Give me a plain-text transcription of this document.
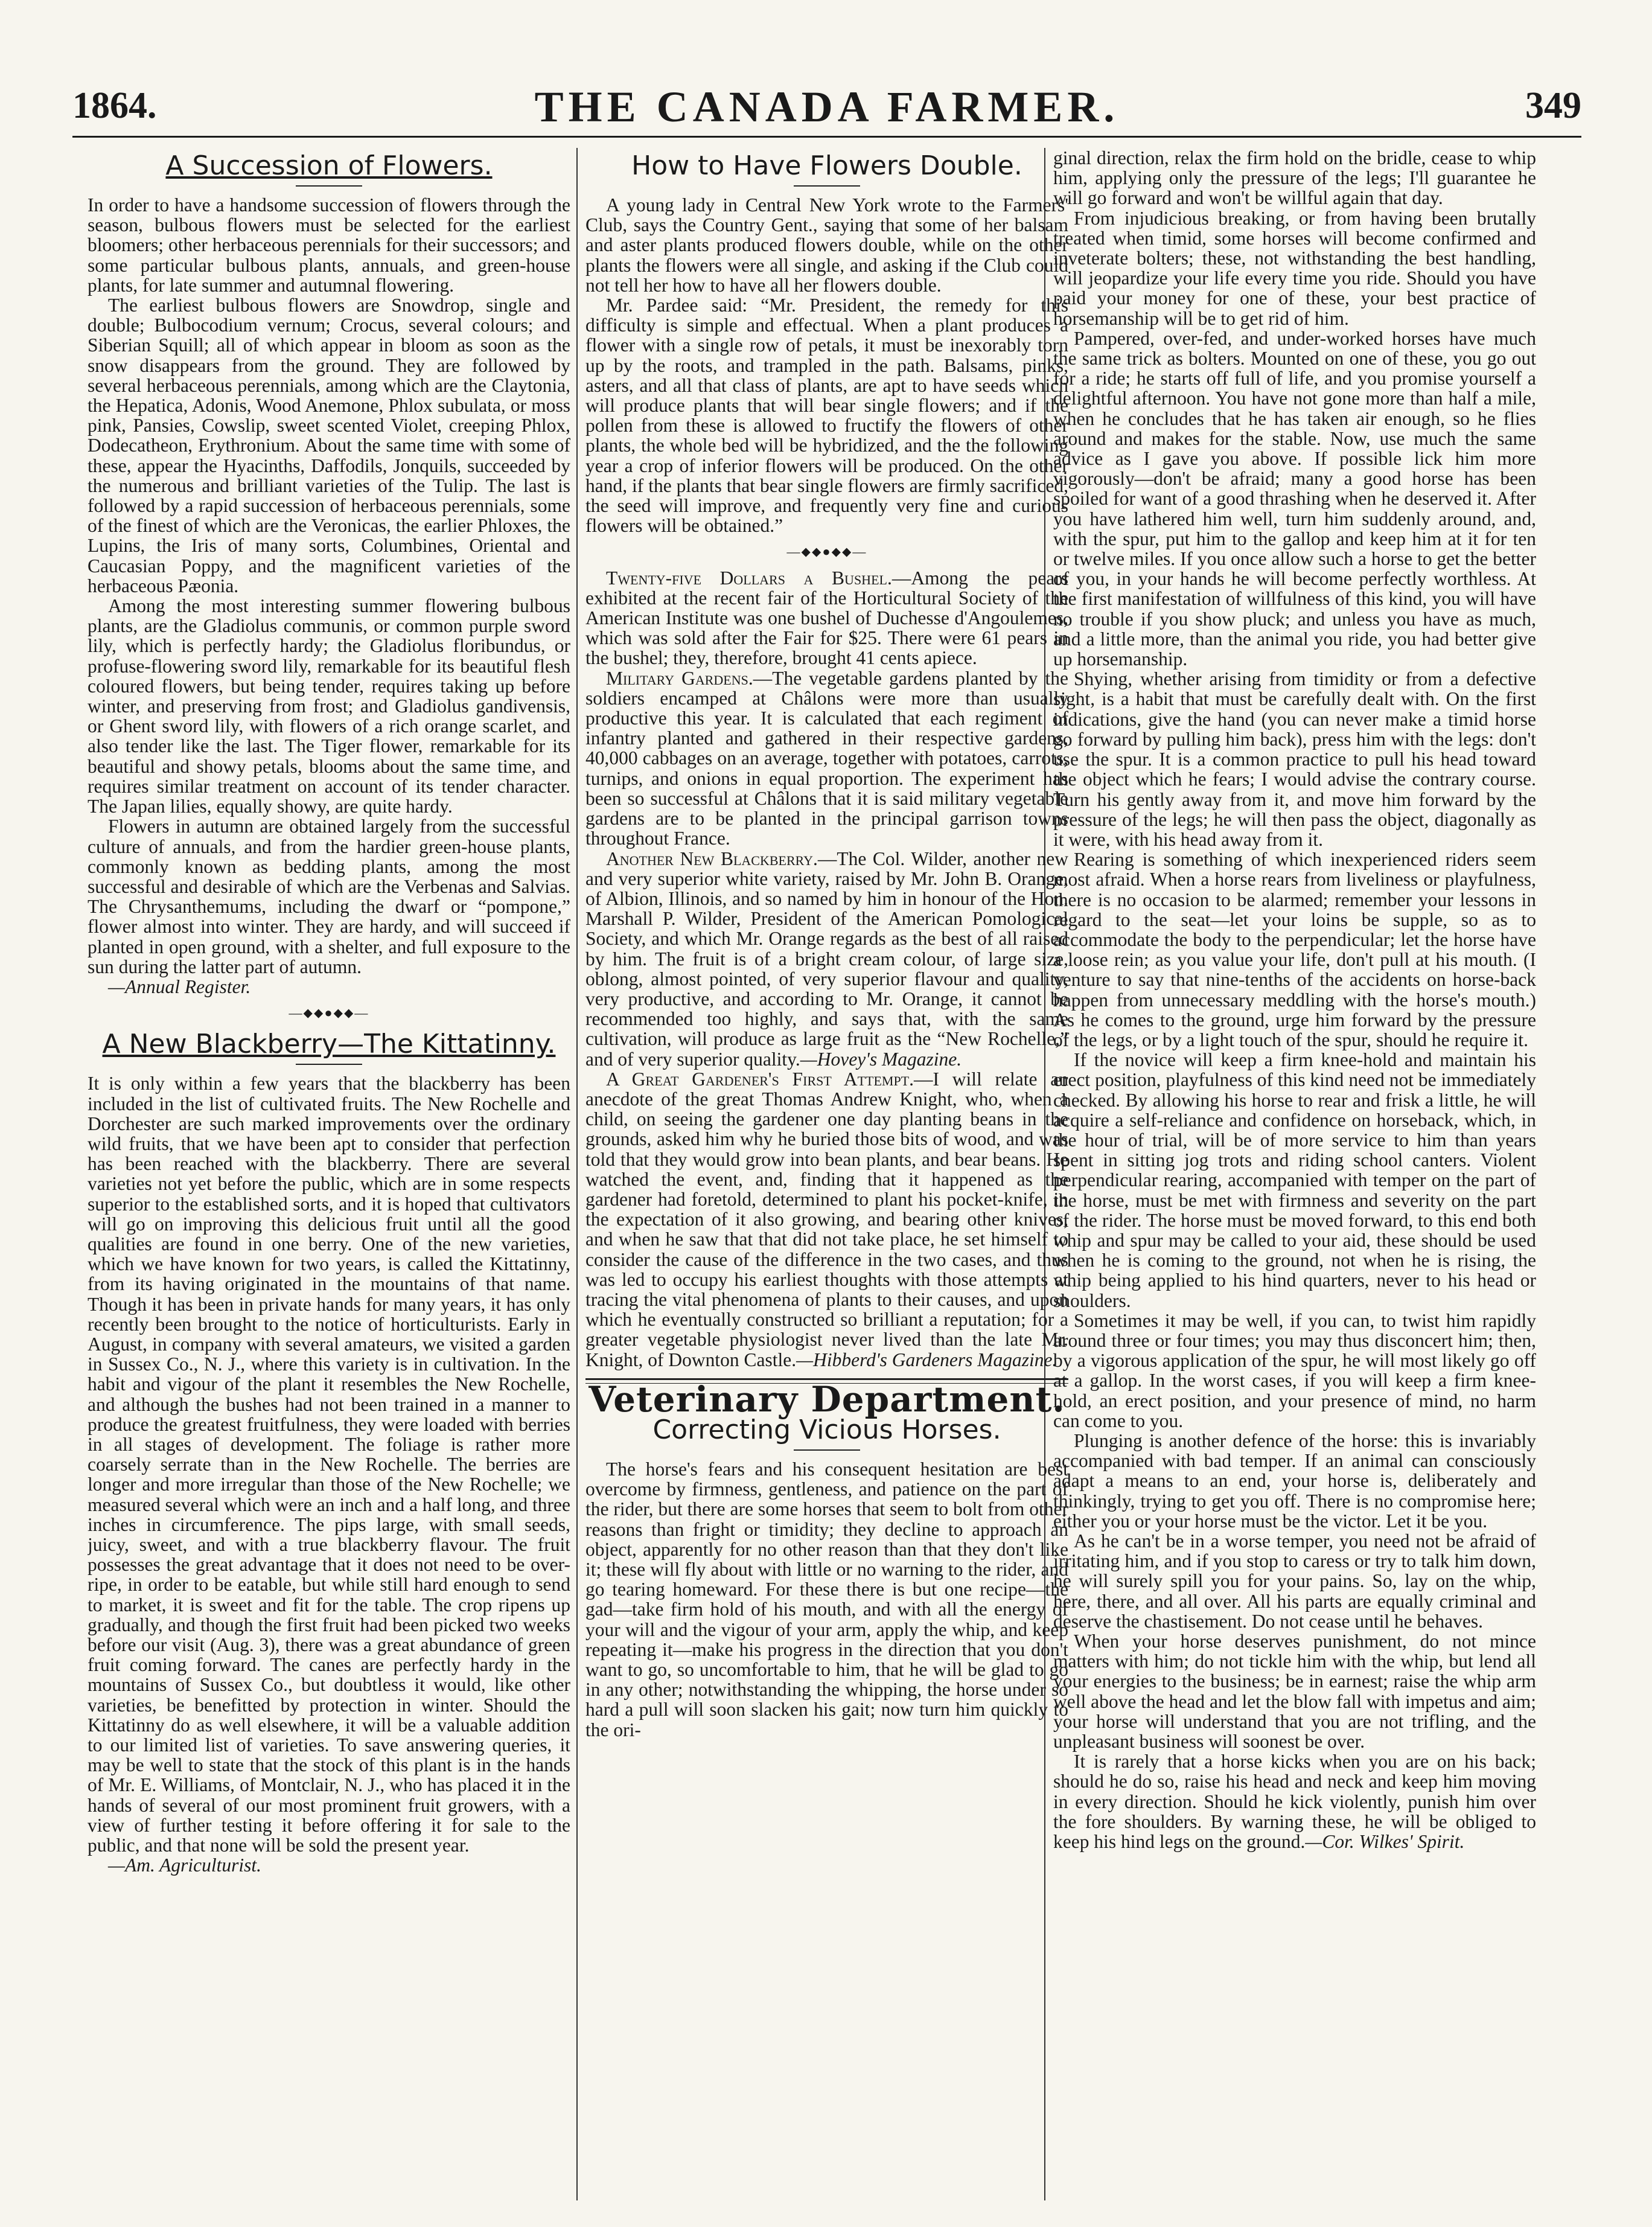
1864.	THE CANADA FARMER.	349
A Succession of Flowers.

In order to have a handsome succession of flowers through the season, bulbous flowers must be selected for the earliest bloomers; other herbaceous perennials for their successors; and some particular bulbous plants, annuals, and green-house plants, for late summer and autumnal flowering.

The earliest bulbous flowers are Snowdrop, single and double; Bulbocodium vernum; Crocus, several colours; and Siberian Squill; all of which appear in bloom as soon as the snow disappears from the ground. They are followed by several herbaceous perennials, among which are the Claytonia, the Hepatica, Adonis, Wood Anemone, Phlox subulata, or moss pink, Pansies, Cowslip, sweet scented Violet, creeping Phlox, Dodecatheon, Erythronium. About the same time with some of these, appear the Hyacinths, Daffodils, Jonquils, succeeded by the numerous and brilliant varieties of the Tulip. The last is followed by a rapid succession of herbaceous perennials, some of the finest of which are the Veronicas, the earlier Phloxes, the Lupins, the Iris of many sorts, Columbines, Oriental and Caucasian Poppy, and the magnificent varieties of the herbaceous Pæonia.

Among the most interesting summer flowering bulbous plants, are the Gladiolus communis, or common purple sword lily, which is perfectly hardy; the Gladiolus floribundus, or profuse-flowering sword lily, remarkable for its beautiful flesh coloured flowers, but being tender, requires taking up before winter, and preserving from frost; and Gladiolus gandivensis, or Ghent sword lily, with flowers of a rich orange scarlet, and also tender like the last. The Tiger flower, remarkable for its beautiful and showy petals, blooms about the same time, and requires similar treatment on account of its tender character. The Japan lilies, equally showy, are quite hardy.

Flowers in autumn are obtained largely from the successful culture of annuals, and from the hardier green-house plants, commonly known as bedding plants, among the most successful and desirable of which are the Verbenas and Salvias. The Chrysanthemums, including the dwarf or “pompone,” flower almost into winter. They are hardy, and will succeed if planted in open ground, with a shelter, and full exposure to the sun during the latter part of autumn.

—Annual Register.

—⬥⬥●⬥⬥—
A New Blackberry—The Kittatinny.

It is only within a few years that the blackberry has been included in the list of cultivated fruits. The New Rochelle and Dorchester are such marked improvements over the ordinary wild fruits, that we have been apt to consider that perfection has been reached with the blackberry. There are several varieties not yet before the public, which are in some respects superior to the established sorts, and it is hoped that cultivators will go on improving this delicious fruit until all the good qualities are found in one berry. One of the new varieties, which we have known for two years, is called the Kittatinny, from its having originated in the mountains of that name. Though it has been in private hands for many years, it has only recently been brought to the notice of horticulturists. Early in August, in company with several amateurs, we visited a garden in Sussex Co., N. J., where this variety is in cultivation. In the habit and vigour of the plant it resembles the New Rochelle, and although the bushes had not been trained in a manner to produce the greatest fruitfulness, they were loaded with berries in all stages of development. The foliage is rather more coarsely serrate than in the New Rochelle. The berries are longer and more irregular than those of the New Rochelle; we measured several which were an inch and a half long, and three inches in circumference. The pips large, with small seeds, juicy, sweet, and with a true blackberry flavour. The fruit possesses the great advantage that it does not need to be over-ripe, in order to be eatable, but while still hard enough to send to market, it is sweet and fit for the table. The crop ripens up gradually, and though the first fruit had been picked two weeks before our visit (Aug. 3), there was a great abundance of green fruit coming forward. The canes are perfectly hardy in the mountains of Sussex Co., but doubtless it would, like other varieties, be benefitted by protection in winter. Should the Kittatinny do as well elsewhere, it will be a valuable addition to our limited list of varieties. To save answering queries, it may be well to state that the stock of this plant is in the hands of Mr. E. Williams, of Montclair, N. J., who has placed it in the hands of several of our most prominent fruit growers, with a view of further testing it before offering it for sale to the public, and that none will be sold the present year.

—Am. Agriculturist.

How to Have Flowers Double.

A young lady in Central New York wrote to the Farmers' Club, says the Country Gent., saying that some of her balsam and aster plants produced flowers double, while on the other plants the flowers were all single, and asking if the Club could not tell her how to have all her flowers double.

Mr. Pardee said: “Mr. President, the remedy for this difficulty is simple and effectual. When a plant produces a flower with a single row of petals, it must be inexorably torn up by the roots, and trampled in the path. Balsams, pinks, asters, and all that class of plants, are apt to have seeds which will produce plants that will bear single flowers; and if the pollen from these is allowed to fructify the flowers of other plants, the whole bed will be hybridized, and the the following year a crop of inferior flowers will be produced. On the other hand, if the plants that bear single flowers are firmly sacrificed, the seed will improve, and frequently very fine and curious flowers will be obtained.”

—⬥⬥●⬥⬥—

Twenty-five Dollars a Bushel.—Among the pears exhibited at the recent fair of the Horticultural Society of the American Institute was one bushel of Duchesse d'Angoulemes, which was sold after the Fair for $25. There were 61 pears in the bushel; they, therefore, brought 41 cents apiece.

Military Gardens.—The vegetable gardens planted by the soldiers encamped at Châlons were more than usually productive this year. It is calculated that each regiment of infantry planted and gathered in their respective gardens, 40,000 cabbages on an average, together with potatoes, carrots, turnips, and onions in equal proportion. The experiment has been so successful at Châlons that it is said military vegetable gardens are to be planted in the principal garrison towns throughout France.

Another New Blackberry.—The Col. Wilder, another new and very superior white variety, raised by Mr. John B. Orange, of Albion, Illinois, and so named by him in honour of the Hon. Marshall P. Wilder, President of the American Pomological Society, and which Mr. Orange regards as the best of all raised by him. The fruit is of a bright cream colour, of large size, oblong, almost pointed, of very superior flavour and quality, very productive, and according to Mr. Orange, it cannot be recommended too highly, and says that, with the same cultivation, will produce as large fruit as the “New Rochelle,” and of very superior quality.—Hovey's Magazine.

A Great Gardener's First Attempt.—I will relate an anecdote of the great Thomas Andrew Knight, who, when a child, on seeing the gardener one day planting beans in the grounds, asked him why he buried those bits of wood, and was told that they would grow into bean plants, and bear beans. He watched the event, and, finding that it happened as the gardener had foretold, determined to plant his pocket-knife, in the expectation of it also growing, and bearing other knives, and when he saw that that did not take place, he set himself to consider the cause of the difference in the two cases, and thus was led to occupy his earliest thoughts with those attempts at tracing the vital phenomena of plants to their causes, and upon which he eventually constructed so brilliant a reputation; for a greater vegetable physiologist never lived than the late Mr. Knight, of Downton Castle.—Hibberd's Gardeners Magazine.

Veterinary Department.
Correcting Vicious Horses.

The horse's fears and his consequent hesitation are best overcome by firmness, gentleness, and patience on the part of the rider, but there are some horses that seem to bolt from other reasons than fright or timidity; they decline to approach an object, apparently for no other reason than that they don't like it; these will fly about with little or no warning to the rider, and go tearing homeward. For these there is but one recipe—the gad—take firm hold of his mouth, and with all the energy of your will and the vigour of your arm, apply the whip, and keep repeating it—make his progress in the direction that you don't want to go, so uncomfortable to him, that he will be glad to go in any other; notwithstanding the whipping, the horse under so hard a pull will soon slacken his gait; now turn him quickly to the ori-

ginal direction, relax the firm hold on the bridle, cease to whip him, applying only the pressure of the legs; I'll guarantee he will go forward and won't be willful again that day.

From injudicious breaking, or from having been brutally treated when timid, some horses will become confirmed and inveterate bolters; these, not withstanding the best handling, will jeopardize your life every time you ride. Should you have paid your money for one of these, your best practice of horsemanship will be to get rid of him.

Pampered, over-fed, and under-worked horses have much the same trick as bolters. Mounted on one of these, you go out for a ride; he starts off full of life, and you promise yourself a delightful afternoon. You have not gone more than half a mile, when he concludes that he has taken air enough, so he flies around and makes for the stable. Now, use much the same advice as I gave you above. If possible lick him more vigorously—don't be afraid; many a good horse has been spoiled for want of a good thrashing when he deserved it. After you have lathered him well, turn him suddenly around, and, with the spur, put him to the gallop and keep him at it for ten or twelve miles. If you once allow such a horse to get the better of you, in your hands he will become perfectly worthless. At the first manifestation of willfulness of this kind, you will have no trouble if you show pluck; and unless you have as much, and a little more, than the animal you ride, you had better give up horsemanship.

Shying, whether arising from timidity or from a defective sight, is a habit that must be carefully dealt with. On the first indications, give the hand (you can never make a timid horse go forward by pulling him back), press him with the legs: don't use the spur. It is a common practice to pull his head toward the object which he fears; I would advise the contrary course. Turn his gently away from it, and move him forward by the pressure of the legs; he will then pass the object, diagonally as it were, with his head away from it.

Rearing is something of which inexperienced riders seem most afraid. When a horse rears from liveliness or playfulness, there is no occasion to be alarmed; remember your lessons in regard to the seat—let your loins be supple, so as to accommodate the body to the perpendicular; let the horse have a loose rein; as you value your life, don't pull at his mouth. (I venture to say that nine-tenths of the accidents on horse-back happen from unnecessary meddling with the horse's mouth.) As he comes to the ground, urge him forward by the pressure of the legs, or by a light touch of the spur, should he require it.

If the novice will keep a firm knee-hold and maintain his erect position, playfulness of this kind need not be immediately checked. By allowing his horse to rear and frisk a little, he will acquire a self-reliance and confidence on horseback, which, in the hour of trial, will be of more service to him than years spent in sitting jog trots and riding school canters. Violent perpendicular rearing, accompanied with temper on the part of the horse, must be met with firmness and severity on the part of the rider. The horse must be moved forward, to this end both whip and spur may be called to your aid, these should be used when he is coming to the ground, not when he is rising, the whip being applied to his hind quarters, never to his head or shoulders.

Sometimes it may be well, if you can, to twist him rapidly around three or four times; you may thus disconcert him; then, by a vigorous application of the spur, he will most likely go off at a gallop. In the worst cases, if you will keep a firm knee-hold, an erect position, and your presence of mind, no harm can come to you.

Plunging is another defence of the horse: this is invariably accompanied with bad temper. If an animal can consciously adapt a means to an end, your horse is, deliberately and thinkingly, trying to get you off. There is no compromise here; either you or your horse must be the victor. Let it be you.

As he can't be in a worse temper, you need not be afraid of irritating him, and if you stop to caress or try to talk him down, he will surely spill you for your pains. So, lay on the whip, here, there, and all over. All his parts are equally criminal and deserve the chastisement. Do not cease until he behaves.

When your horse deserves punishment, do not mince matters with him; do not tickle him with the whip, but lend all your energies to the business; be in earnest; raise the whip arm well above the head and let the blow fall with impetus and aim; your horse will understand that you are not trifling, and the unpleasant business will soonest be over.

It is rarely that a horse kicks when you are on his back; should he do so, raise his head and neck and keep him moving in every direction. Should he kick violently, punish him over the fore shoulders. By warning these, he will be obliged to keep his hind legs on the ground.—Cor. Wilkes' Spirit.
